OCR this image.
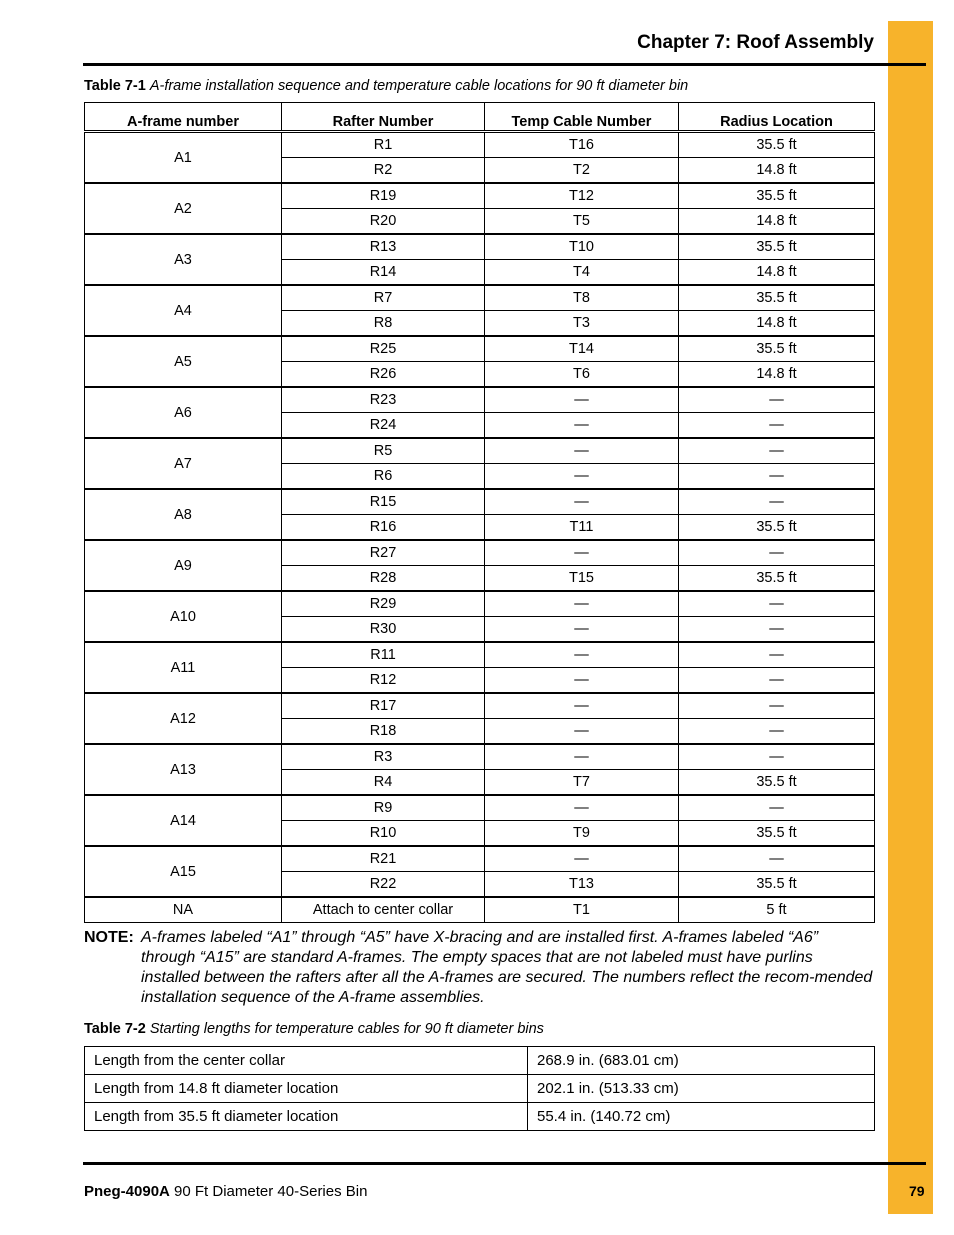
Chapter 7: Roof Assembly
Table 7-1 A-frame installation sequence and temperature cable locations for 90 ft diameter bin
A-frame number	Rafter Number	Temp Cable Number	Radius Location
A1	R1	T16	35.5 ft
	R2	T2	14.8 ft
A2	R19	T12	35.5 ft
	R20	T5	14.8 ft
A3	R13	T10	35.5 ft
	R14	T4	14.8 ft
A4	R7	T8	35.5 ft
	R8	T3	14.8 ft
A5	R25	T14	35.5 ft
	R26	T6	14.8 ft
A6	R23	—	—
	R24	—	—
A7	R5	—	—
	R6	—	—
A8	R15	—	—
	R16	T11	35.5 ft
A9	R27	—	—
	R28	T15	35.5 ft
A10	R29	—	—
	R30	—	—
A11	R11	—	—
	R12	—	—
A12	R17	—	—
	R18	—	—
A13	R3	—	—
	R4	T7	35.5 ft
A14	R9	—	—
	R10	T9	35.5 ft
A15	R21	—	—
	R22	T13	35.5 ft
NA	Attach to center collar	T1	5 ft
NOTE: A-frames labeled “A1” through “A5” have X-bracing and are installed first. A-frames labeled “A6” through “A15” are standard A-frames. The empty spaces that are not labeled must have purlins installed between the rafters after all the A-frames are secured. The numbers reflect the recom-mended installation sequence of the A-frame assemblies.
Table 7-2 Starting lengths for temperature cables for 90 ft diameter bins
Length from the center collar	268.9 in. (683.01 cm)
Length from 14.8 ft diameter location	202.1 in. (513.33 cm)
Length from 35.5 ft diameter location	55.4 in. (140.72 cm)
Pneg-4090A 90 Ft Diameter 40-Series Bin	79
